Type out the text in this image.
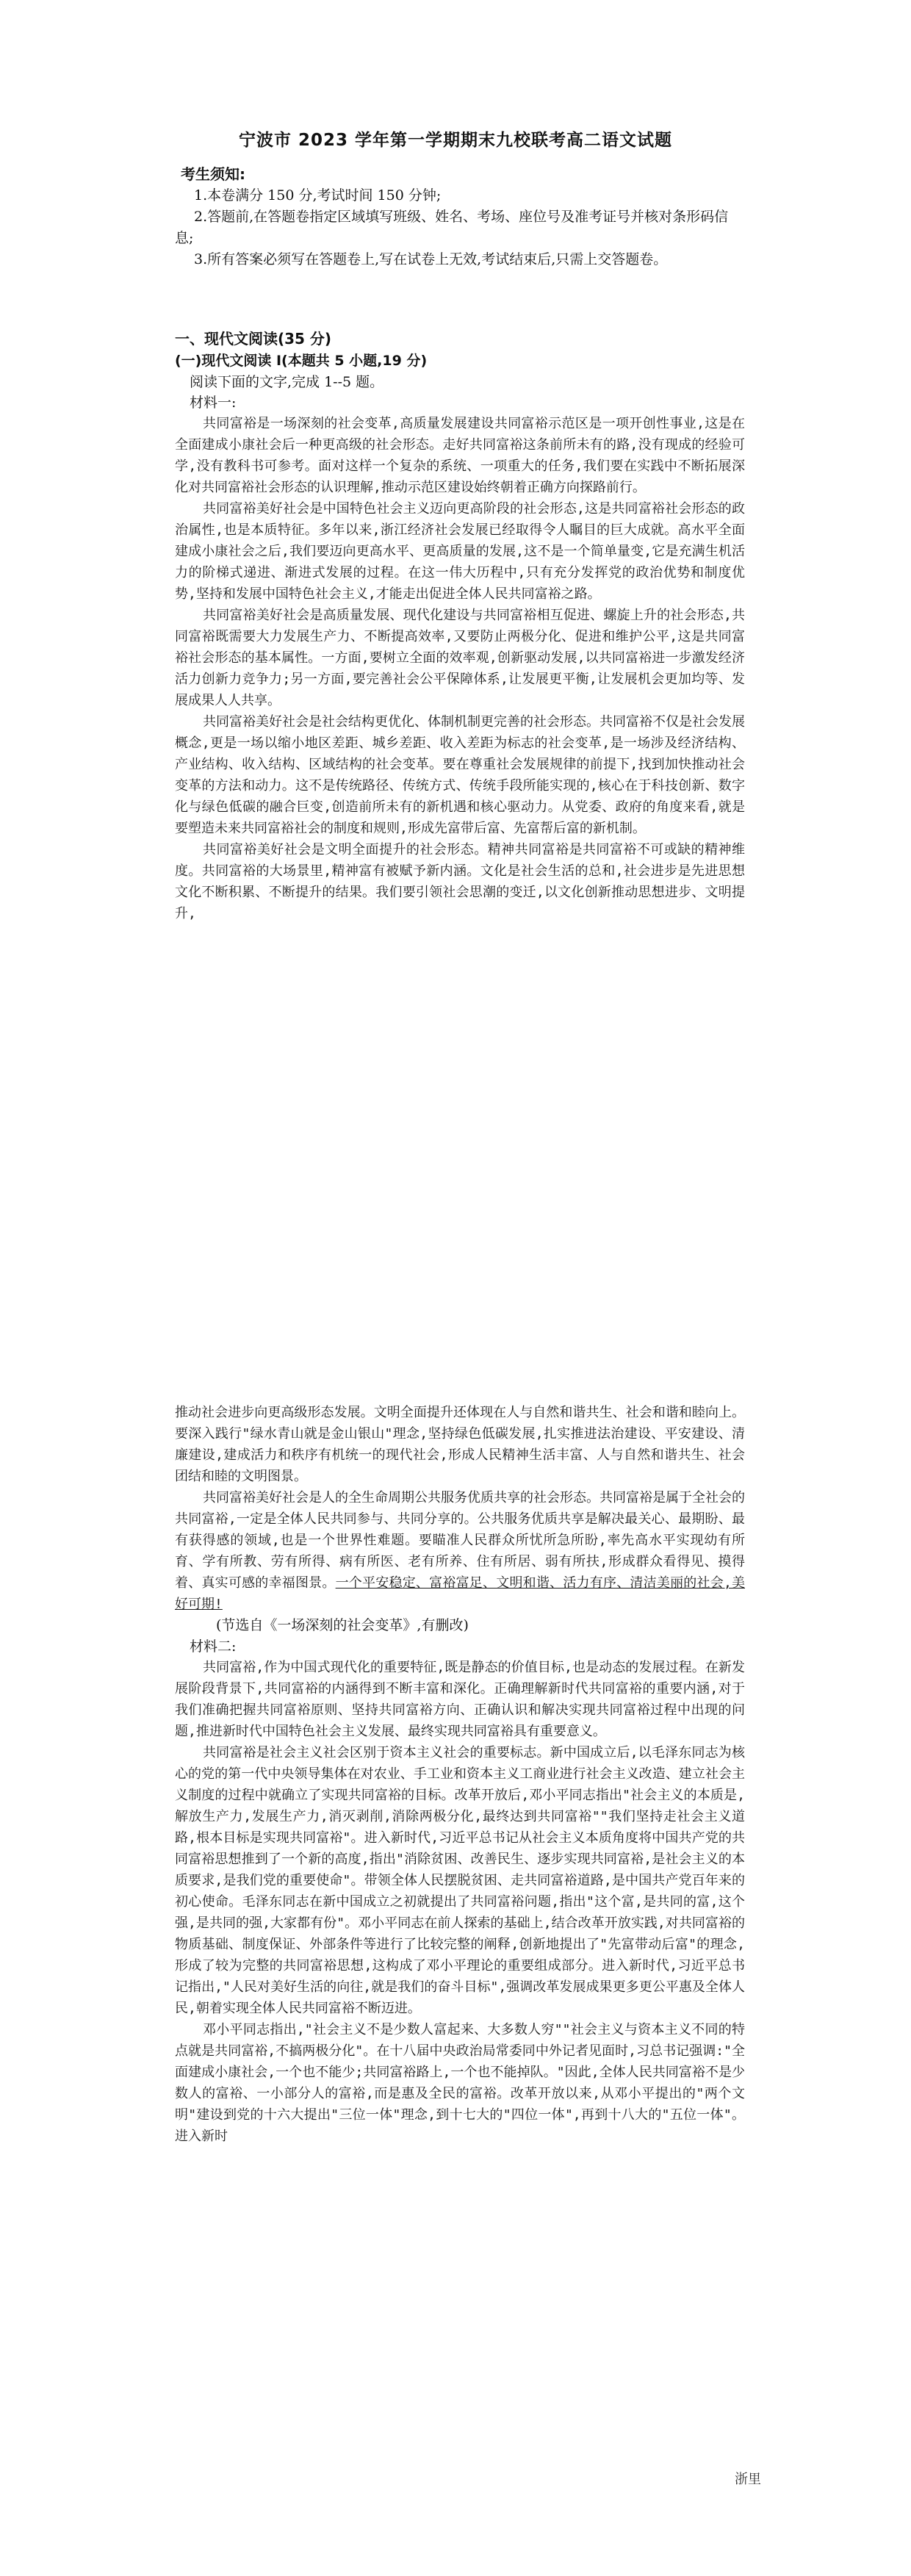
宁波市 2023 学年第一学期期末九校联考高二语文试题
考生须知:

1.本卷满分 150 分,考试时间 150 分钟;

2.答题前,在答题卷指定区域填写班级、姓名、考场、座位号及准考证号并核对条形码信息;

3.所有答案必须写在答题卷上,写在试卷上无效,考试结束后,只需上交答题卷。

一、现代文阅读(35 分)
(一)现代文阅读 I(本题共 5 小题,19 分)

阅读下面的文字,完成 1--5 题。

材料一:

共同富裕是一场深刻的社会变革,高质量发展建设共同富裕示范区是一项开创性事业,这是在全面建成小康社会后一种更高级的社会形态。走好共同富裕这条前所未有的路,没有现成的经验可学,没有教科书可参考。面对这样一个复杂的系统、一项重大的任务,我们要在实践中不断拓展深化对共同富裕社会形态的认识理解,推动示范区建设始终朝着正确方向探路前行。

共同富裕美好社会是中国特色社会主义迈向更高阶段的社会形态,这是共同富裕社会形态的政治属性,也是本质特征。多年以来,浙江经济社会发展已经取得令人瞩目的巨大成就。高水平全面建成小康社会之后,我们要迈向更高水平、更高质量的发展,这不是一个简单量变,它是充满生机活力的阶梯式递进、渐进式发展的过程。在这一伟大历程中,只有充分发挥党的政治优势和制度优势,坚持和发展中国特色社会主义,才能走出促进全体人民共同富裕之路。

共同富裕美好社会是高质量发展、现代化建设与共同富裕相互促进、螺旋上升的社会形态,共同富裕既需要大力发展生产力、不断提高效率,又要防止两极分化、促进和维护公平,这是共同富裕社会形态的基本属性。一方面,要树立全面的效率观,创新驱动发展,以共同富裕进一步激发经济活力创新力竞争力;另一方面,要完善社会公平保障体系,让发展更平衡,让发展机会更加均等、发展成果人人共享。

共同富裕美好社会是社会结构更优化、体制机制更完善的社会形态。共同富裕不仅是社会发展概念,更是一场以缩小地区差距、城乡差距、收入差距为标志的社会变革,是一场涉及经济结构、产业结构、收入结构、区域结构的社会变革。要在尊重社会发展规律的前提下,找到加快推动社会变革的方法和动力。这不是传统路径、传统方式、传统手段所能实现的,核心在于科技创新、数字化与绿色低碳的融合巨变,创造前所未有的新机遇和核心驱动力。从党委、政府的角度来看,就是要塑造未来共同富裕社会的制度和规则,形成先富带后富、先富帮后富的新机制。

共同富裕美好社会是文明全面提升的社会形态。精神共同富裕是共同富裕不可或缺的精神维度。共同富裕的大场景里,精神富有被赋予新内涵。文化是社会生活的总和,社会进步是先进思想文化不断积累、不断提升的结果。我们要引领社会思潮的变迁,以文化创新推动思想进步、文明提升,

推动社会进步向更高级形态发展。文明全面提升还体现在人与自然和谐共生、社会和谐和睦向上。要深入践行"绿水青山就是金山银山"理念,坚持绿色低碳发展,扎实推进法治建设、平安建设、清廉建设,建成活力和秩序有机统一的现代社会,形成人民精神生活丰富、人与自然和谐共生、社会团结和睦的文明图景。

共同富裕美好社会是人的全生命周期公共服务优质共享的社会形态。共同富裕是属于全社会的共同富裕,一定是全体人民共同参与、共同分享的。公共服务优质共享是解决最关心、最期盼、最有获得感的领域,也是一个世界性难题。要瞄准人民群众所忧所急所盼,率先高水平实现幼有所育、学有所教、劳有所得、病有所医、老有所养、住有所居、弱有所扶,形成群众看得见、摸得着、真实可感的幸福图景。一个平安稳定、富裕富足、文明和谐、活力有序、清洁美丽的社会,美好可期!

(节选自《一场深刻的社会变革》,有删改)

材料二:

共同富裕,作为中国式现代化的重要特征,既是静态的价值目标,也是动态的发展过程。在新发展阶段背景下,共同富裕的内涵得到不断丰富和深化。正确理解新时代共同富裕的重要内涵,对于我们准确把握共同富裕原则、坚持共同富裕方向、正确认识和解决实现共同富裕过程中出现的问题,推进新时代中国特色社会主义发展、最终实现共同富裕具有重要意义。

共同富裕是社会主义社会区别于资本主义社会的重要标志。新中国成立后,以毛泽东同志为核心的党的第一代中央领导集体在对农业、手工业和资本主义工商业进行社会主义改造、建立社会主义制度的过程中就确立了实现共同富裕的目标。改革开放后,邓小平同志指出"社会主义的本质是,解放生产力,发展生产力,消灭剥削,消除两极分化,最终达到共同富裕""我们坚持走社会主义道路,根本目标是实现共同富裕"。进入新时代,习近平总书记从社会主义本质角度将中国共产党的共同富裕思想推到了一个新的高度,指出"消除贫困、改善民生、逐步实现共同富裕,是社会主义的本质要求,是我们党的重要使命"。带领全体人民摆脱贫困、走共同富裕道路,是中国共产党百年来的初心使命。毛泽东同志在新中国成立之初就提出了共同富裕问题,指出"这个富,是共同的富,这个强,是共同的强,大家都有份"。邓小平同志在前人探索的基础上,结合改革开放实践,对共同富裕的物质基础、制度保证、外部条件等进行了比较完整的阐释,创新地提出了"先富带动后富"的理念,形成了较为完整的共同富裕思想,这构成了邓小平理论的重要组成部分。进入新时代,习近平总书记指出,"人民对美好生活的向往,就是我们的奋斗目标",强调改革发展成果更多更公平惠及全体人民,朝着实现全体人民共同富裕不断迈进。

邓小平同志指出,"社会主义不是少数人富起来、大多数人穷""社会主义与资本主义不同的特点就是共同富裕,不搞两极分化"。在十八届中央政治局常委同中外记者见面时,习总书记强调:"全面建成小康社会,一个也不能少;共同富裕路上,一个也不能掉队。"因此,全体人民共同富裕不是少数人的富裕、一小部分人的富裕,而是惠及全民的富裕。改革开放以来,从邓小平提出的"两个文明"建设到党的十六大提出"三位一体"理念,到十七大的"四位一体",再到十八大的"五位一体"。进入新时

浙里
